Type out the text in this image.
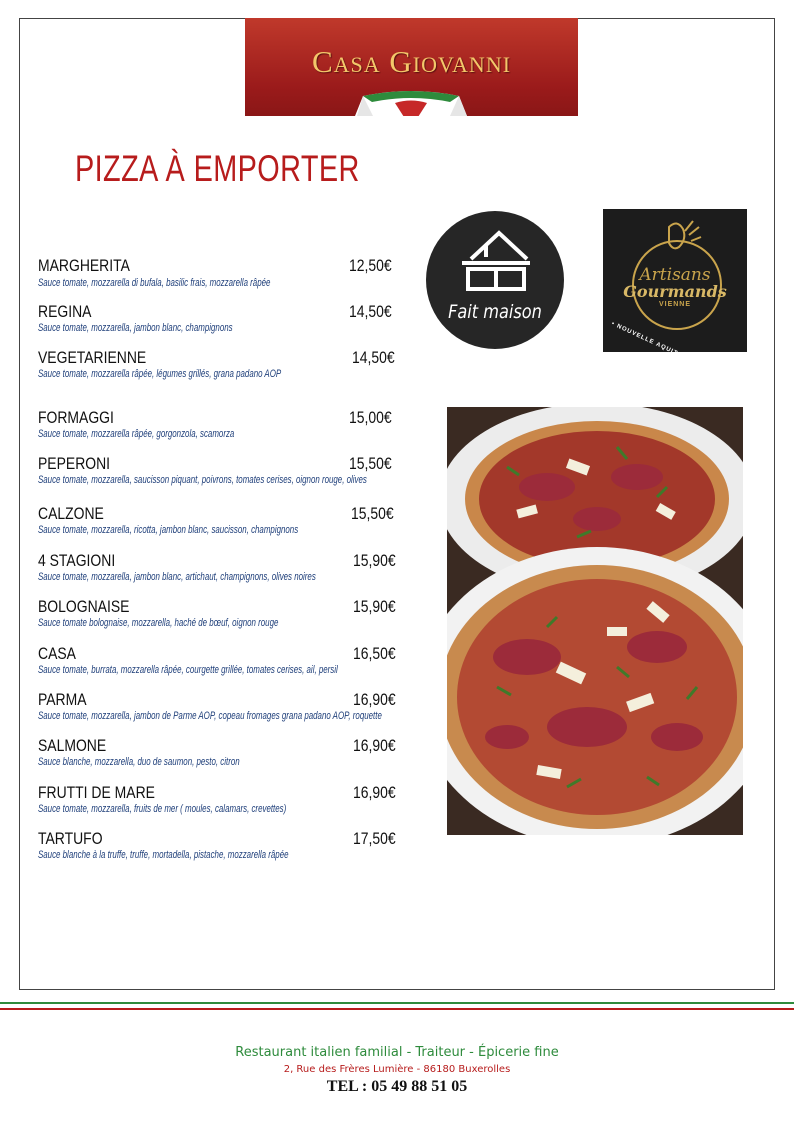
Casa Giovanni
PIZZA À EMPORTER
MARGHERITA	12,50€
Sauce tomate, mozzarella di bufala, basilic frais, mozzarella râpée
REGINA	14,50€
Sauce tomate, mozzarella, jambon blanc, champignons
VEGETARIENNE	14,50€
Sauce tomate, mozzarella râpée, légumes grillés, grana padano AOP
FORMAGGI	15,00€
Sauce tomate, mozzarella râpée, gorgonzola, scamorza
PEPERONI	15,50€
Sauce tomate, mozzarella, saucisson piquant, poivrons, tomates cerises, oignon rouge, olives
CALZONE	15,50€
Sauce tomate, mozzarella, ricotta, jambon blanc, saucisson, champignons
4 STAGIONI	15,90€
Sauce tomate, mozzarella, jambon blanc, artichaut, champignons, olives noires
BOLOGNAISE	15,90€
Sauce tomate bolognaise, mozzarella, haché de bœuf, oignon rouge
CASA	16,50€
Sauce tomate, burrata, mozzarella râpée, courgette grillée, tomates cerises, ail, persil
PARMA	16,90€
Sauce tomate, mozzarella, jambon de Parme AOP, copeau fromages grana padano AOP, roquette
SALMONE	16,90€
Sauce blanche, mozzarella, duo de saumon, pesto, citron
FRUTTI DE MARE	16,90€
Sauce tomate, mozzarella, fruits de mer ( moules, calamars, crevettes)
TARTUFO	17,50€
Sauce blanche à la truffe, truffe, mortadella, pistache, mozzarella râpée
Fait maison
Artisans
Gourmands
VIENNE
• NOUVELLE AQUITAINE •
Restaurant italien familial - Traiteur - Épicerie fine
2, Rue des Frères Lumière - 86180 Buxerolles
TEL : 05 49 88 51 05
